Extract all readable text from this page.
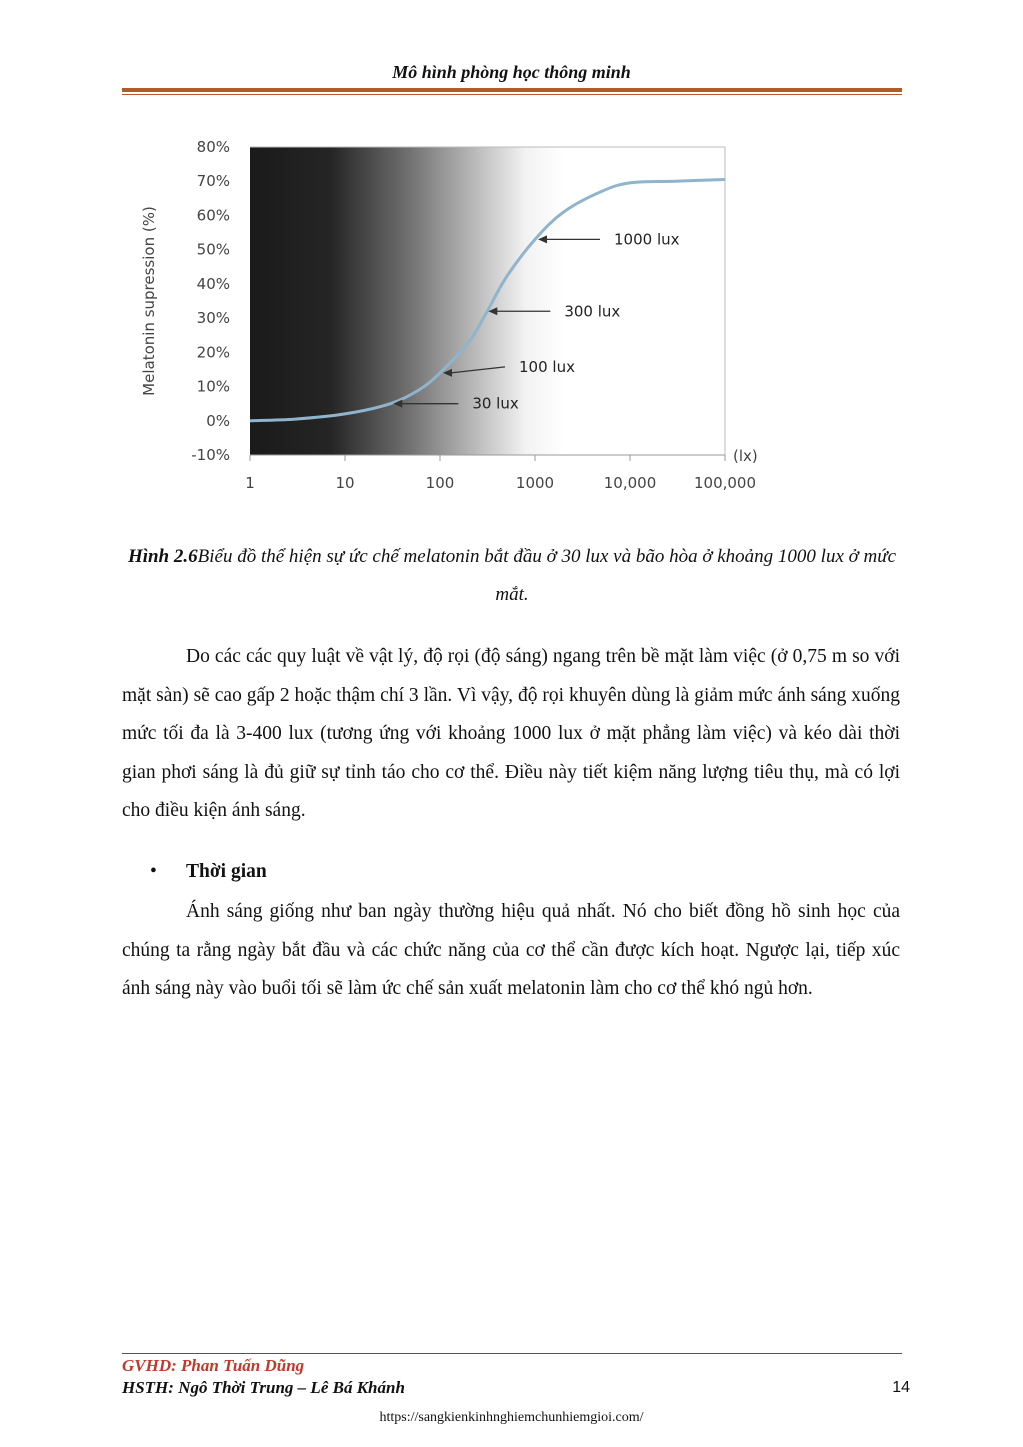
Mô hình phòng học thông minh
80%
70%
60%
50%
40%
30%
20%
10%
0%
-10%
1	10	100	1000	10,000	100,000
(lx)
Melatonin supression (%)
30 lux
100 lux
300 lux
1000 lux
Hình 2.6Biểu đồ thể hiện sự ức chế melatonin bắt đầu ở 30 lux và bão hòa ở khoảng 1000 lux ở mức mắt.
Do các các quy luật về vật lý, độ rọi (độ sáng) ngang trên bề mặt làm việc (ở 0,75 m so với mặt sàn) sẽ cao gấp 2 hoặc thậm chí 3 lần. Vì vậy, độ rọi khuyên dùng là giảm mức ánh sáng xuống mức tối đa là 3-400 lux (tương ứng với khoảng 1000 lux ở mặt phẳng làm việc) và kéo dài thời gian phơi sáng là đủ giữ sự tỉnh táo cho cơ thể. Điều này tiết kiệm năng lượng tiêu thụ, mà có lợi cho điều kiện ánh sáng.
• Thời gian
Ánh sáng giống như ban ngày thường hiệu quả nhất. Nó cho biết đồng hồ sinh học của chúng ta rằng ngày bắt đầu và các chức năng của cơ thể cần được kích hoạt. Ngược lại, tiếp xúc ánh sáng này vào buổi tối sẽ làm ức chế sản xuất melatonin làm cho cơ thể khó ngủ hơn.
GVHD: Phan Tuấn Dũng
HSTH: Ngô Thời Trung – Lê Bá Khánh	14
https://sangkienkinhnghiemchunhiemgioi.com/
